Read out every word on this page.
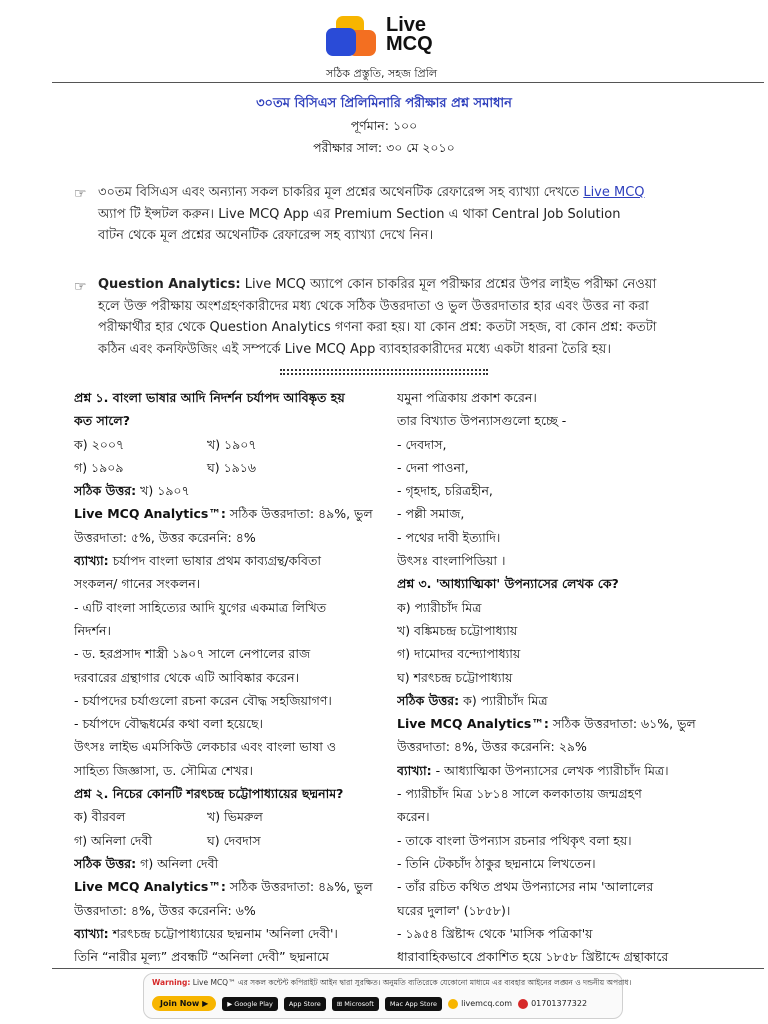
Live
MCQ
সঠিক প্রস্তুতি, সহজ প্রিলি
৩০তম বিসিএস প্রিলিমিনারি পরীক্ষার প্রশ্ন সমাধান
পূর্ণমান: ১০০
পরীক্ষার সাল: ৩০ মে ২০১০
☞ ৩০তম বিসিএস এবং অন্যান্য সকল চাকরির মূল প্রশ্নের অথেনটিক রেফারেন্স সহ ব্যাখ্যা দেখতে Live MCQ
অ্যাপ টি ইন্সটল করুন। Live MCQ App এর Premium Section এ থাকা Central Job Solution
বাটন থেকে মূল প্রশ্নের অথেনটিক রেফারেন্স সহ ব্যাখ্যা দেখে নিন।
☞ Question Analytics: Live MCQ অ্যাপে কোন চাকরির মূল পরীক্ষার প্রশ্নের উপর লাইভ পরীক্ষা নেওয়া
হলে উক্ত পরীক্ষায় অংশগ্রহণকারীদের মধ্য থেকে সঠিক উত্তরদাতা ও ভুল উত্তরদাতার হার এবং উত্তর না করা
পরীক্ষার্থীর হার থেকে Question Analytics গণনা করা হয়। যা কোন প্রশ্ন: কতটা সহজ, বা কোন প্রশ্ন: কতটা
কঠিন এবং কনফিউজিং এই সম্পর্কে Live MCQ App ব্যাবহারকারীদের মধ্যে একটা ধারনা তৈরি হয়।
প্রশ্ন ১. বাংলা ভাষার আদি নিদর্শন চর্যাপদ আবিষ্কৃত হয়
কত সালে?
ক) ২০০৭	খ) ১৯০৭
গ) ১৯০৯	ঘ) ১৯১৬
সঠিক উত্তর: খ) ১৯০৭
Live MCQ Analytics™: সঠিক উত্তরদাতা: ৪৯%, ভুল
উত্তরদাতা: ৫%, উত্তর করেননি: ৪%
ব্যাখ্যা: চর্যাপদ বাংলা ভাষার প্রথম কাব্যগ্রন্থ/কবিতা
সংকলন/ গানের সংকলন।
- এটি বাংলা সাহিত্যের আদি যুগের একমাত্র লিখিত
নিদর্শন।
- ড. হরপ্রসাদ শাস্ত্রী ১৯০৭ সালে নেপালের রাজ
দরবারের গ্রন্থাগার থেকে এটি আবিষ্কার করেন।
- চর্যাপদের চর্যাগুলো রচনা করেন বৌদ্ধ সহজিয়াগণ।
- চর্যাপদে বৌদ্ধধর্মের কথা বলা হয়েছে।
উৎসঃ লাইভ এমসিকিউ লেকচার এবং বাংলা ভাষা ও
সাহিত্য জিজ্ঞাসা, ড. সৌমিত্র শেখর।
প্রশ্ন ২. নিচের কোনটি শরৎচন্দ্র চট্টোপাধ্যায়ের ছদ্মনাম?
ক) বীরবল	খ) ভিমরুল
গ) অনিলা দেবী	ঘ) দেবদাস
সঠিক উত্তর: গ) অনিলা দেবী
Live MCQ Analytics™: সঠিক উত্তরদাতা: ৪৯%, ভুল
উত্তরদাতা: ৪%, উত্তর করেননি: ৬%
ব্যাখ্যা: শরৎচন্দ্র চট্টোপাধ্যায়ের ছদ্মনাম 'অনিলা দেবী'।
তিনি “নারীর মূল্য” প্রবন্ধটি “অনিলা দেবী” ছদ্মনামে
যমুনা পত্রিকায় প্রকাশ করেন।
তার বিখ্যাত উপন্যাসগুলো হচ্ছে -
- দেবদাস,
- দেনা পাওনা,
- গৃহদাহ, চরিত্রহীন,
- পল্লী সমাজ,
- পথের দাবী ইত্যাদি।
উৎসঃ বাংলাপিডিয়া ।
প্রশ্ন ৩. 'আধ্যাত্মিকা' উপন্যাসের লেখক কে?
ক) প্যারীচাঁদ মিত্র
খ) বঙ্কিমচন্দ্র চট্টোপাধ্যায়
গ) দামোদর বন্দ্যোপাধ্যায়
ঘ) শরৎচন্দ্র চট্টোপাধ্যায়
সঠিক উত্তর: ক) প্যারীচাঁদ মিত্র
Live MCQ Analytics™: সঠিক উত্তরদাতা: ৬১%, ভুল
উত্তরদাতা: ৪%, উত্তর করেননি: ২৯%
ব্যাখ্যা: - আধ্যাত্মিকা উপন্যাসের লেখক প্যারীচাঁদ মিত্র।
- প্যারীচাঁদ মিত্র ১৮১৪ সালে কলকাতায় জন্মগ্রহণ
করেন।
- তাকে বাংলা উপন্যাস রচনার পথিকৃৎ বলা হয়।
- তিনি টেকচাঁদ ঠাকুর ছদ্মনামে লিখতেন।
- তাঁর রচিত কথিত প্রথম উপন্যাসের নাম 'আলালের
ঘরের দুলাল' (১৮৫৮)।
- ১৯৫৪ খ্রিষ্টাব্দ থেকে 'মাসিক পত্রিকা'য়
ধারাবাহিকভাবে প্রকাশিত হয়ে ১৮৫৮ খ্রিষ্টাব্দে গ্রন্থাকারে
Warning: Live MCQ™ এর সকল কন্টেন্ট কপিরাইট আইন দ্বারা সুরক্ষিত। অনুমতি ব্যতিরেকে যেকোনো মাধ্যমে এর ব্যবহার আইনের লঙ্ঘন ও দন্ডনীয় অপরাধ।
Join Now ▶	▶ Google Play	App Store	⊞ Microsoft	Mac App Store	livemcq.com 01701377322
